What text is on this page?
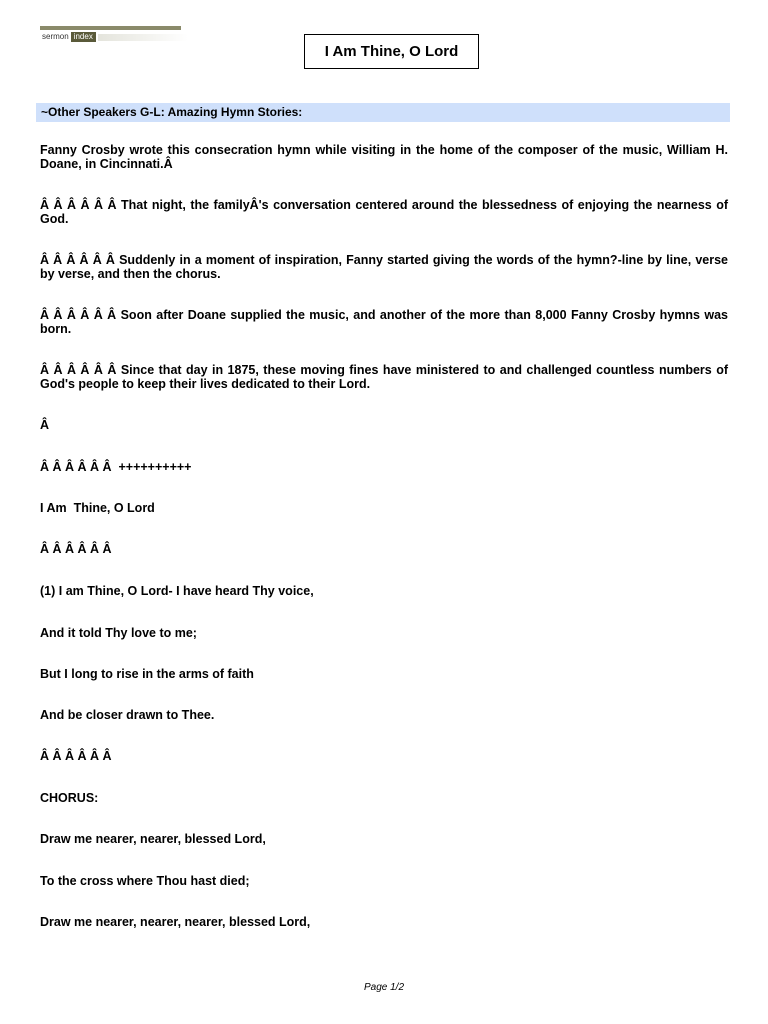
sermon index
I Am Thine, O Lord
~Other Speakers G-L: Amazing Hymn Stories:

Fanny Crosby wrote this consecration hymn while visiting in the home of the composer of the music, William H. Doane, in Cincinnati.Â

Â Â Â Â Â Â That night, the familyÂ's conversation centered around the blessedness of enjoying the nearness of God.

Â Â Â Â Â Â Suddenly in a moment of inspiration, Fanny started giving the words of the hymn?-line by line, verse by verse, and then the chorus.

Â Â Â Â Â Â Soon after Doane supplied the music, and another of the more than 8,000 Fanny Crosby hymns was born.

Â Â Â Â Â Â Since that day in 1875, these moving fines have ministered to and challenged countless numbers of God's people to keep their lives dedicated to their Lord.

Â

Â Â Â Â Â Â  ++++++++++

I Am  Thine, O Lord

Â Â Â Â Â Â

(1) I am Thine, O Lord- I have heard Thy voice,

And it told Thy love to me;

But I long to rise in the arms of faith

And be closer drawn to Thee.

Â Â Â Â Â Â

CHORUS:

Draw me nearer, nearer, blessed Lord,

To the cross where Thou hast died;

Draw me nearer, nearer, nearer, blessed Lord,

Page 1/2
